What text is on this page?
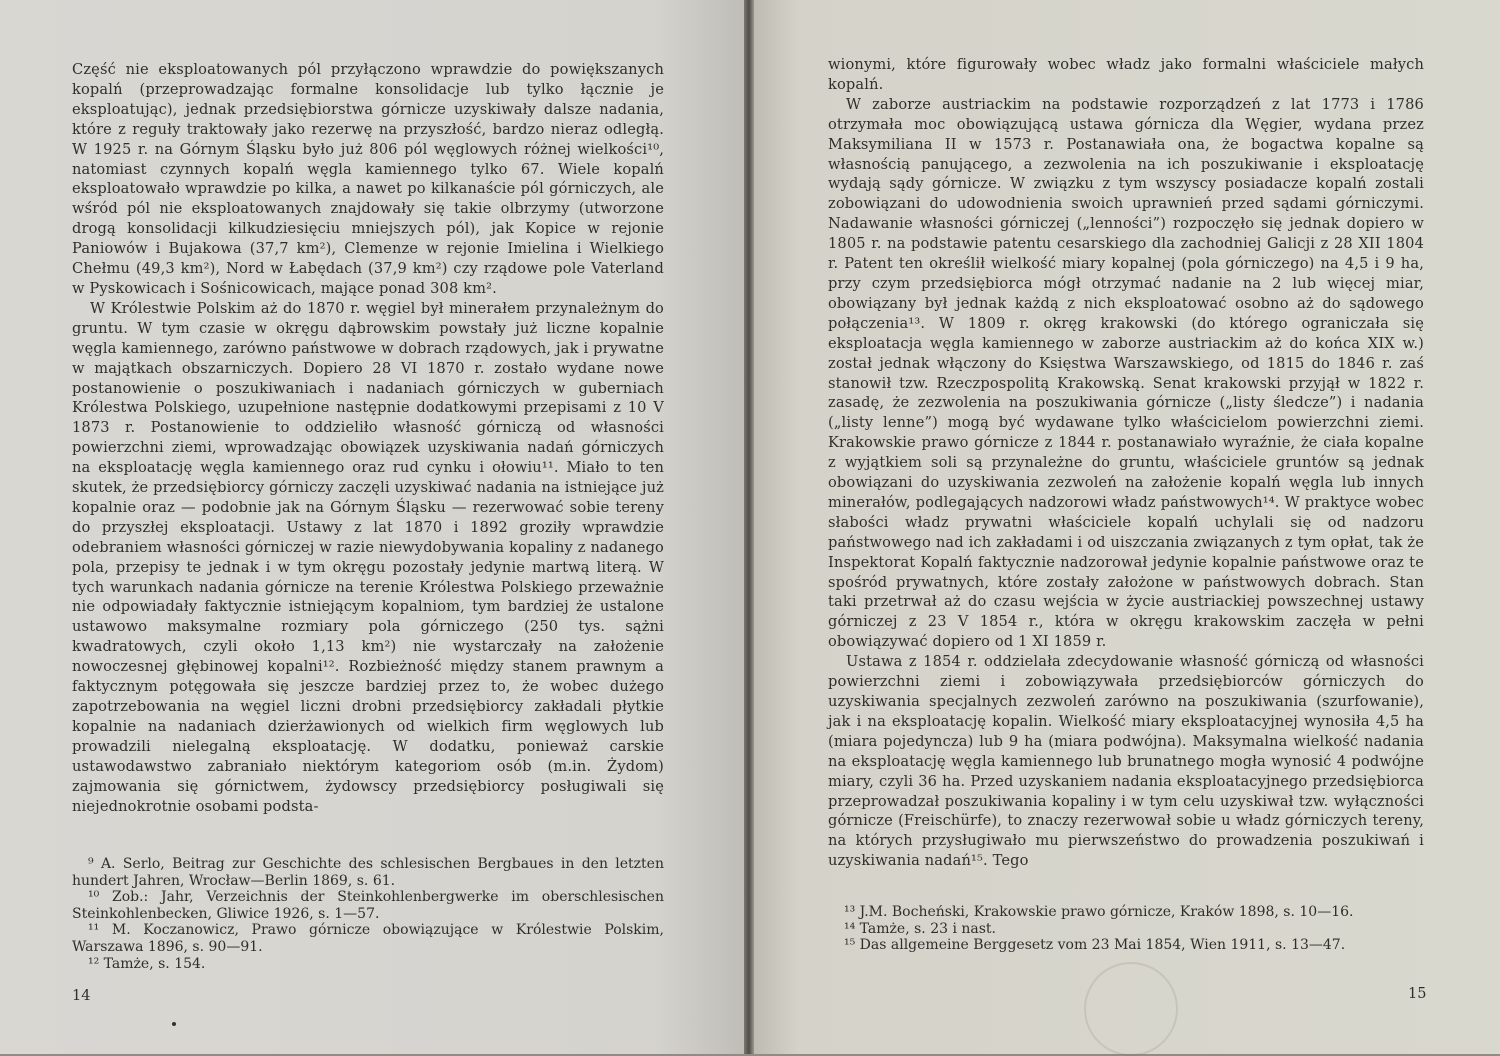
Część nie eksploatowanych pól przyłączono wprawdzie do powiększanych kopalń (przeprowadzając formalne konsolidacje lub tylko łącznie je eksploatując), jednak przedsiębiorstwa górnicze uzyskiwały dalsze nadania, które z reguły traktowały jako rezerwę na przyszłość, bardzo nieraz odległą. W 1925 r. na Górnym Śląsku było już 806 pól węglowych różnej wielkości¹⁰, natomiast czynnych kopalń węgla kamiennego tylko 67. Wiele kopalń eksploatowało wprawdzie po kilka, a nawet po kilkanaście pól górniczych, ale wśród pól nie eksploatowanych znajdowały się takie olbrzymy (utworzone drogą konsolidacji kilkudziesięciu mniejszych pól), jak Kopice w rejonie Paniowów i Bujakowa (37,7 km²), Clemenze w rejonie Imielina i Wielkiego Chełmu (49,3 km²), Nord w Łabędach (37,9 km²) czy rządowe pole Vaterland w Pyskowicach i Sośnicowicach, mające ponad 308 km².

W Królestwie Polskim aż do 1870 r. węgiel był minerałem przynależnym do gruntu. W tym czasie w okręgu dąbrowskim powstały już liczne kopalnie węgla kamiennego, zarówno państwowe w dobrach rządowych, jak i prywatne w majątkach obszarniczych. Dopiero 28 VI 1870 r. zostało wydane nowe postanowienie o poszukiwaniach i nadaniach górniczych w guberniach Królestwa Polskiego, uzupełnione następnie dodatkowymi przepisami z 10 V 1873 r. Postanowienie to oddzieliło własność górniczą od własności powierzchni ziemi, wprowadzając obowiązek uzyskiwania nadań górniczych na eksploatację węgla kamiennego oraz rud cynku i ołowiu¹¹. Miało to ten skutek, że przedsiębiorcy górniczy zaczęli uzyskiwać nadania na istniejące już kopalnie oraz — podobnie jak na Górnym Śląsku — rezerwować sobie tereny do przyszłej eksploatacji. Ustawy z lat 1870 i 1892 groziły wprawdzie odebraniem własności górniczej w razie niewydobywania kopaliny z nadanego pola, przepisy te jednak i w tym okręgu pozostały jedynie martwą literą. W tych warunkach nadania górnicze na terenie Królestwa Polskiego przeważnie nie odpowiadały faktycznie istniejącym kopalniom, tym bardziej że ustalone ustawowo maksymalne rozmiary pola górniczego (250 tys. sążni kwadratowych, czyli około 1,13 km²) nie wystarczały na założenie nowoczesnej głębinowej kopalni¹². Rozbieżność między stanem prawnym a faktycznym potęgowała się jeszcze bardziej przez to, że wobec dużego zapotrzebowania na węgiel liczni drobni przedsiębiorcy zakładali płytkie kopalnie na nadaniach dzierżawionych od wielkich firm węglowych lub prowadzili nielegalną eksploatację. W dodatku, ponieważ carskie ustawodawstwo zabraniało niektórym kategoriom osób (m.in. Żydom) zajmowania się górnictwem, żydowscy przedsiębiorcy posługiwali się niejednokrotnie osobami podsta-

⁹ A. Serlo, Beitrag zur Geschichte des schlesischen Bergbaues in den letzten hundert Jahren, Wrocław—Berlin 1869, s. 61.

¹⁰ Zob.: Jahr, Verzeichnis der Steinkohlenbergwerke im oberschlesischen Steinkohlenbecken, Gliwice 1926, s. 1—57.

¹¹ M. Koczanowicz, Prawo górnicze obowiązujące w Królestwie Polskim, Warszawa 1896, s. 90—91.

¹² Tamże, s. 154.

14

wionymi, które figurowały wobec władz jako formalni właściciele małych kopalń.

W zaborze austriackim na podstawie rozporządzeń z lat 1773 i 1786 otrzymała moc obowiązującą ustawa górnicza dla Węgier, wydana przez Maksymiliana II w 1573 r. Postanawiała ona, że bogactwa kopalne są własnością panującego, a zezwolenia na ich poszukiwanie i eksploatację wydają sądy górnicze. W związku z tym wszyscy posiadacze kopalń zostali zobowiązani do udowodnienia swoich uprawnień przed sądami górniczymi. Nadawanie własności górniczej („lenności”) rozpoczęło się jednak dopiero w 1805 r. na podstawie patentu cesarskiego dla zachodniej Galicji z 28 XII 1804 r. Patent ten określił wielkość miary kopalnej (pola górniczego) na 4,5 i 9 ha, przy czym przedsiębiorca mógł otrzymać nadanie na 2 lub więcej miar, obowiązany był jednak każdą z nich eksploatować osobno aż do sądowego połączenia¹³. W 1809 r. okręg krakowski (do którego ograniczała się eksploatacja węgla kamiennego w zaborze austriackim aż do końca XIX w.) został jednak włączony do Księstwa Warszawskiego, od 1815 do 1846 r. zaś stanowił tzw. Rzeczpospolitą Krakowską. Senat krakowski przyjął w 1822 r. zasadę, że zezwolenia na poszukiwania górnicze („listy śledcze”) i nadania („listy lenne”) mogą być wydawane tylko właścicielom powierzchni ziemi. Krakowskie prawo górnicze z 1844 r. postanawiało wyraźnie, że ciała kopalne z wyjątkiem soli są przynależne do gruntu, właściciele gruntów są jednak obowiązani do uzyskiwania zezwoleń na założenie kopalń węgla lub innych minerałów, podlegających nadzorowi władz państwowych¹⁴. W praktyce wobec słabości władz prywatni właściciele kopalń uchylali się od nadzoru państwowego nad ich zakładami i od uiszczania związanych z tym opłat, tak że Inspektorat Kopalń faktycznie nadzorował jedynie kopalnie państwowe oraz te spośród prywatnych, które zostały założone w państwowych dobrach. Stan taki przetrwał aż do czasu wejścia w życie austriackiej powszechnej ustawy górniczej z 23 V 1854 r., która w okręgu krakowskim zaczęła w pełni obowiązywać dopiero od 1 XI 1859 r.

Ustawa z 1854 r. oddzielała zdecydowanie własność górniczą od własności powierzchni ziemi i zobowiązywała przedsiębiorców górniczych do uzyskiwania specjalnych zezwoleń zarówno na poszukiwania (szurfowanie), jak i na eksploatację kopalin. Wielkość miary eksploatacyjnej wynosiła 4,5 ha (miara pojedyncza) lub 9 ha (miara podwójna). Maksymalna wielkość nadania na eksploatację węgla kamiennego lub brunatnego mogła wynosić 4 podwójne miary, czyli 36 ha. Przed uzyskaniem nadania eksploatacyjnego przedsiębiorca przeprowadzał poszukiwania kopaliny i w tym celu uzyskiwał tzw. wyłączności górnicze (Freischürfe), to znaczy rezerwował sobie u władz górniczych tereny, na których przysługiwało mu pierwszeństwo do prowadzenia poszukiwań i uzyskiwania nadań¹⁵. Tego

¹³ J.M. Bocheński, Krakowskie prawo górnicze, Kraków 1898, s. 10—16.

¹⁴ Tamże, s. 23 i nast.

¹⁵ Das allgemeine Berggesetz vom 23 Mai 1854, Wien 1911, s. 13—47.

15
